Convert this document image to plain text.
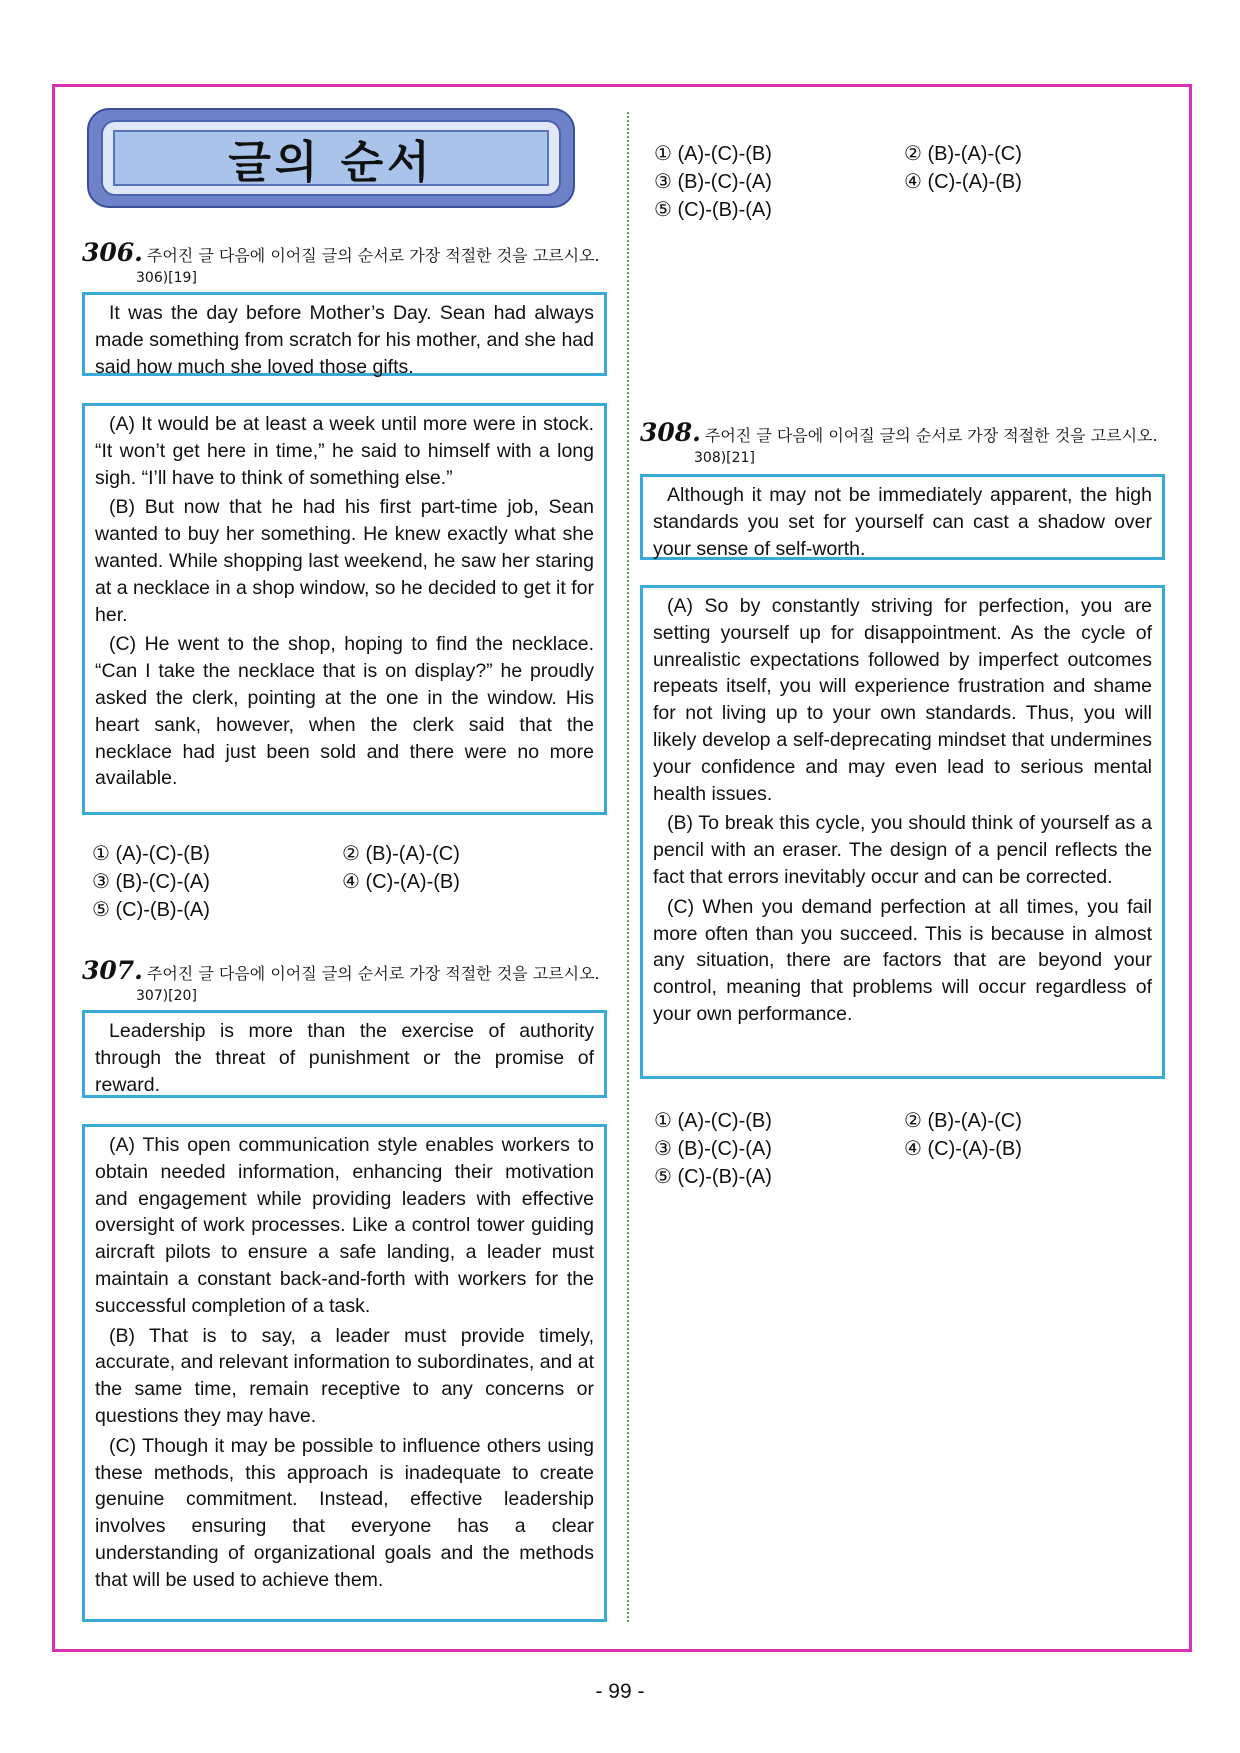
글의 순서
306. 주어진 글 다음에 이어질 글의 순서로 가장 적절한 것을 고르시오.
306)[19]

It was the day before Mother’s Day. Sean had always made something from scratch for his mother, and she had said how much she loved those gifts.

(A) It would be at least a week until more were in stock. “It won’t get here in time,” he said to himself with a long sigh. “I’ll have to think of something else.”

(B) But now that he had his first part-time job, Sean wanted to buy her something. He knew exactly what she wanted. While shopping last weekend, he saw her staring at a necklace in a shop window, so he decided to get it for her.

(C) He went to the shop, hoping to find the necklace. “Can I take the necklace that is on display?” he proudly asked the clerk, pointing at the one in the window. His heart sank, however, when the clerk said that the necklace had just been sold and there were no more available.

① (A)-(C)-(B)	② (B)-(A)-(C)
③ (B)-(C)-(A)	④ (C)-(A)-(B)
⑤ (C)-(B)-(A)
307. 주어진 글 다음에 이어질 글의 순서로 가장 적절한 것을 고르시오.
307)[20]

Leadership is more than the exercise of authority through the threat of punishment or the promise of reward.

(A) This open communication style enables workers to obtain needed information, enhancing their motivation and engagement while providing leaders with effective oversight of work processes. Like a control tower guiding aircraft pilots to ensure a safe landing, a leader must maintain a constant back-and-forth with workers for the successful completion of a task.

(B) That is to say, a leader must provide timely, accurate, and relevant information to subordinates, and at the same time, remain receptive to any concerns or questions they may have.

(C) Though it may be possible to influence others using these methods, this approach is inadequate to create genuine commitment. Instead, effective leadership involves ensuring that everyone has a clear understanding of organizational goals and the methods that will be used to achieve them.

① (A)-(C)-(B)	② (B)-(A)-(C)
③ (B)-(C)-(A)	④ (C)-(A)-(B)
⑤ (C)-(B)-(A)
308. 주어진 글 다음에 이어질 글의 순서로 가장 적절한 것을 고르시오.
308)[21]

Although it may not be immediately apparent, the high standards you set for yourself can cast a shadow over your sense of self-worth.

(A) So by constantly striving for perfection, you are setting yourself up for disappointment. As the cycle of unrealistic expectations followed by imperfect outcomes repeats itself, you will experience frustration and shame for not living up to your own standards. Thus, you will likely develop a self-deprecating mindset that undermines your confidence and may even lead to serious mental health issues.

(B) To break this cycle, you should think of yourself as a pencil with an eraser. The design of a pencil reflects the fact that errors inevitably occur and can be corrected.

(C) When you demand perfection at all times, you fail more often than you succeed. This is because in almost any situation, there are factors that are beyond your control, meaning that problems will occur regardless of your own performance.

① (A)-(C)-(B)	② (B)-(A)-(C)
③ (B)-(C)-(A)	④ (C)-(A)-(B)
⑤ (C)-(B)-(A)
- 99 -
